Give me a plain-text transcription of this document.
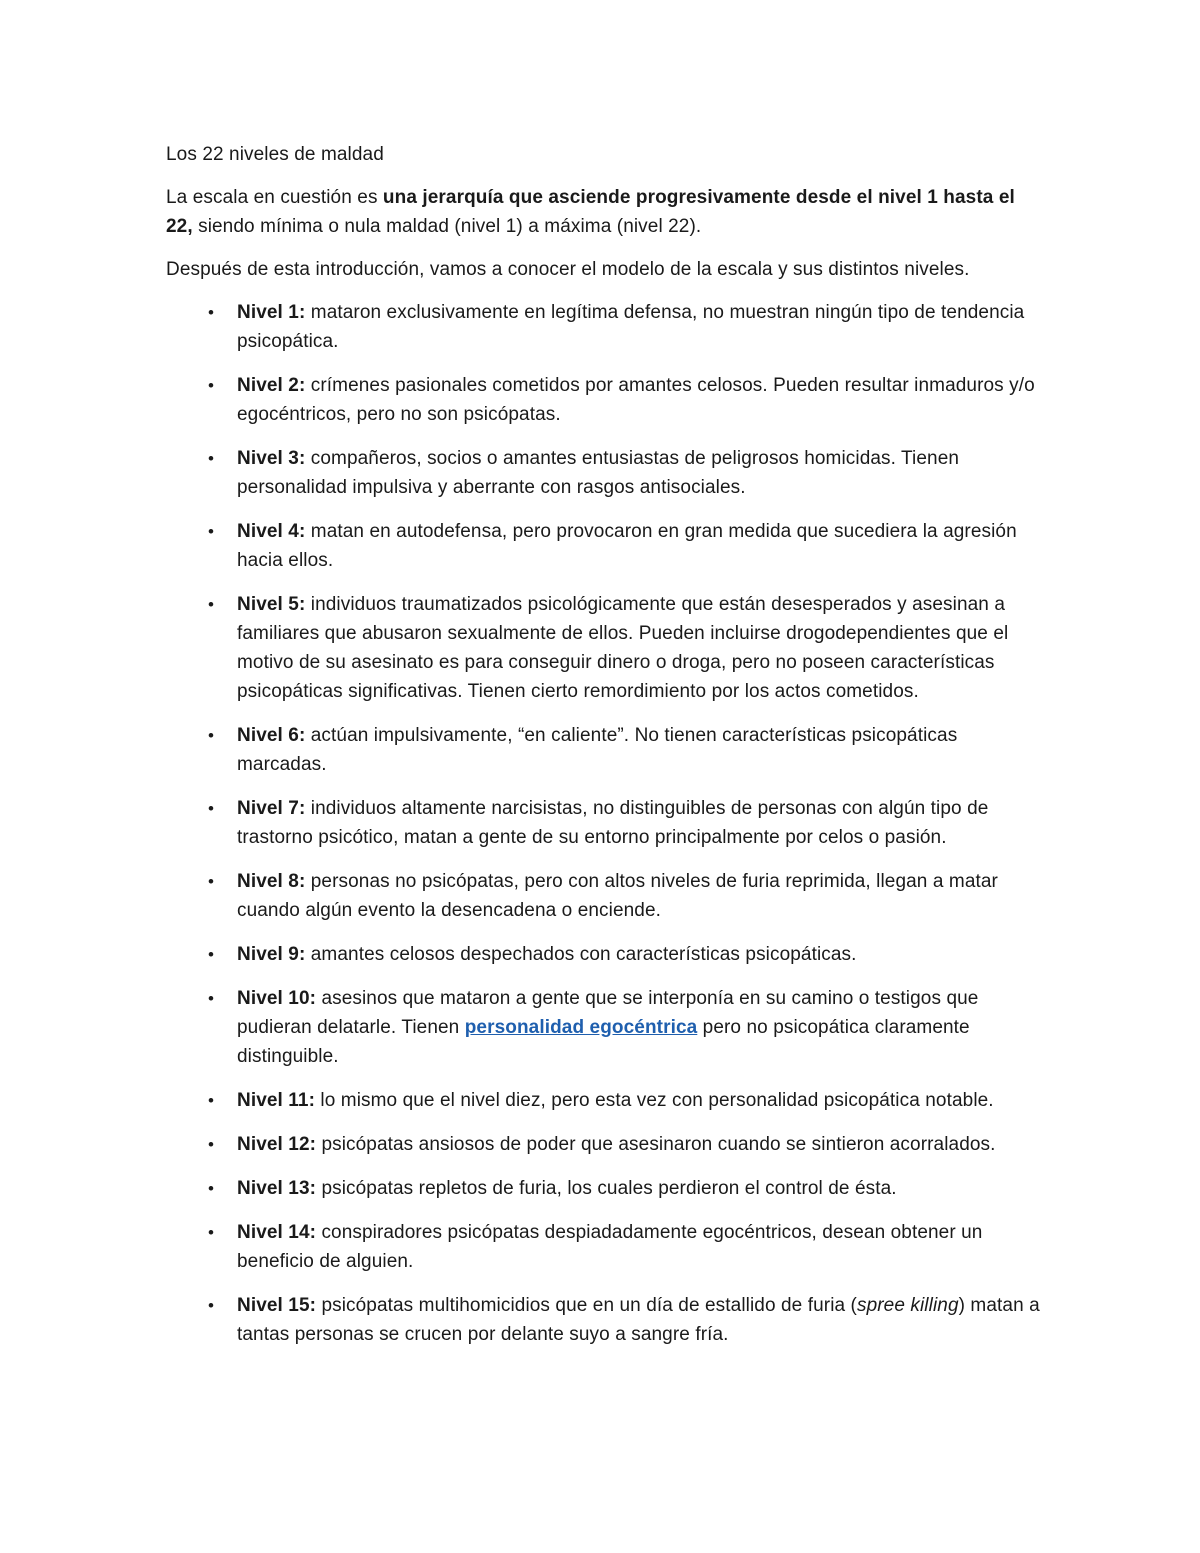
Los 22 niveles de maldad

La escala en cuestión es una jerarquía que asciende progresivamente desde el nivel 1 hasta el 22, siendo mínima o nula maldad (nivel 1) a máxima (nivel 22).

Después de esta introducción, vamos a conocer el modelo de la escala y sus distintos niveles.

•	Nivel 1: mataron exclusivamente en legítima defensa, no muestran ningún tipo de tendencia psicopática.
•	Nivel 2: crímenes pasionales cometidos por amantes celosos. Pueden resultar inmaduros y/o egocéntricos, pero no son psicópatas.
•	Nivel 3: compañeros, socios o amantes entusiastas de peligrosos homicidas. Tienen personalidad impulsiva y aberrante con rasgos antisociales.
•	Nivel 4: matan en autodefensa, pero provocaron en gran medida que sucediera la agresión hacia ellos.
•	Nivel 5: individuos traumatizados psicológicamente que están desesperados y asesinan a familiares que abusaron sexualmente de ellos. Pueden incluirse drogodependientes que el motivo de su asesinato es para conseguir dinero o droga, pero no poseen características psicopáticas significativas. Tienen cierto remordimiento por los actos cometidos.
•	Nivel 6: actúan impulsivamente, “en caliente”. No tienen características psicopáticas marcadas.
•	Nivel 7: individuos altamente narcisistas, no distinguibles de personas con algún tipo de trastorno psicótico, matan a gente de su entorno principalmente por celos o pasión.
•	Nivel 8: personas no psicópatas, pero con altos niveles de furia reprimida, llegan a matar cuando algún evento la desencadena o enciende.
•	Nivel 9: amantes celosos despechados con características psicopáticas.
•	Nivel 10: asesinos que mataron a gente que se interponía en su camino o testigos que pudieran delatarle. Tienen personalidad egocéntrica pero no psicopática claramente distinguible.
•	Nivel 11: lo mismo que el nivel diez, pero esta vez con personalidad psicopática notable.
•	Nivel 12: psicópatas ansiosos de poder que asesinaron cuando se sintieron acorralados.
•	Nivel 13: psicópatas repletos de furia, los cuales perdieron el control de ésta.
•	Nivel 14: conspiradores psicópatas despiadadamente egocéntricos, desean obtener un beneficio de alguien.
•	Nivel 15: psicópatas multihomicidios que en un día de estallido de furia (spree killing) matan a tantas personas se crucen por delante suyo a sangre fría.
